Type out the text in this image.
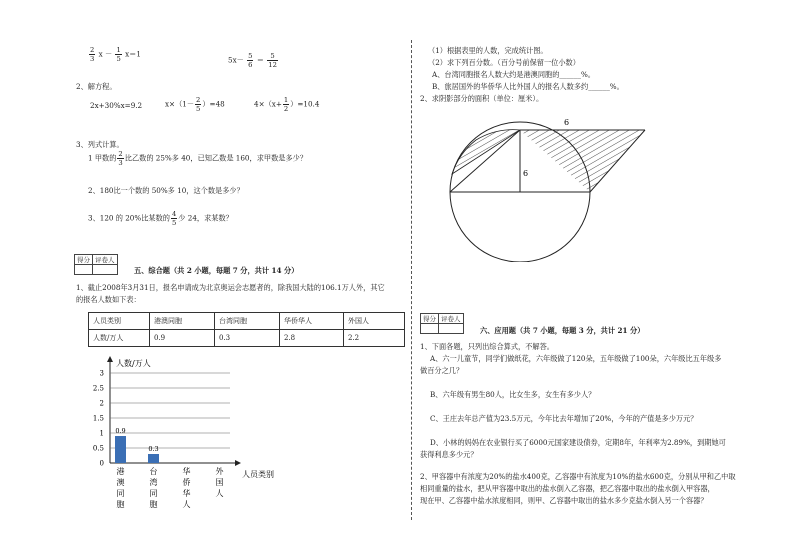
$\frac{2}{3}$ $x - \frac{1}{5} x=1$
$5x- \frac{5}{6} = \frac{5}{12}$
2、解方程。
2x+30%x=9.2	$x\times(1- \frac{2}{5} )=48$	$4\times(x+ \frac{1}{2} )=10.4$
3、列式计算。
1 甲数的 $\frac{2}{3}$ 比乙数的 25%多 40，已知乙数是 160，求甲数是多少？
2、180比一个数的 50%多 10，这个数是多少？
3、120 的 20%比某数的 $\frac{4}{5}$ 少 24，求某数？
得分	评卷人

五、综合题（共 2 小题，每题 7 分，共计 14 分）
1、截止2008年3月31日，报名申请成为北京奥运会志愿者的，除我国大陆的106.1万人外，其它
的报名人数如下表：
人员类别	港澳同胞	台湾同胞	华侨华人	外国人
人数/万人	0.9	0.3	2.8	2.2
0
0.5
1
1.5
2
2.5
3
人数/万人
人员类别
0.9
港
澳
同
胞
0.3
台
湾
同
胞
华
侨
华
人
外
国
人
（1）根据表里的人数，完成统计图。
（2）求下列百分数。（百分号前保留一位小数）
A、台湾同胞报名人数大约是港澳同胞的______%。
B、旅居国外的华侨华人比外国人的报名人数多约______%。
2、求阴影部分的面积（单位：厘米）。
6
6
得分	评卷人

六、应用题（共 7 小题，每题 3 分，共计 21 分）
1、下面各题，只列出综合算式，不解答。
A、六一儿童节，同学们做纸花，六年级做了120朵，五年级做了100朵，六年级比五年级多
做百分之几？
B、六年级有男生80人，比女生多，女生有多少人？
C、王庄去年总产值为23.5万元，今年比去年增加了20%，今年的产值是多少万元？
D、小林的妈妈在农业银行买了6000元国家建设债券，定期8年，年利率为2.89%，到期她可
获得利息多少元？
2、甲容器中有浓度为20%的盐水400克，乙容器中有浓度为10%的盐水600克，分别从甲和乙中取
相同重量的盐水，把从甲容器中取出的盐水倒入乙容器，把乙容器中取出的盐水倒入甲容器，
现在甲、乙容器中盐水浓度相同，则甲、乙容器中取出的盐水多少克盐水倒入另一个容器？
